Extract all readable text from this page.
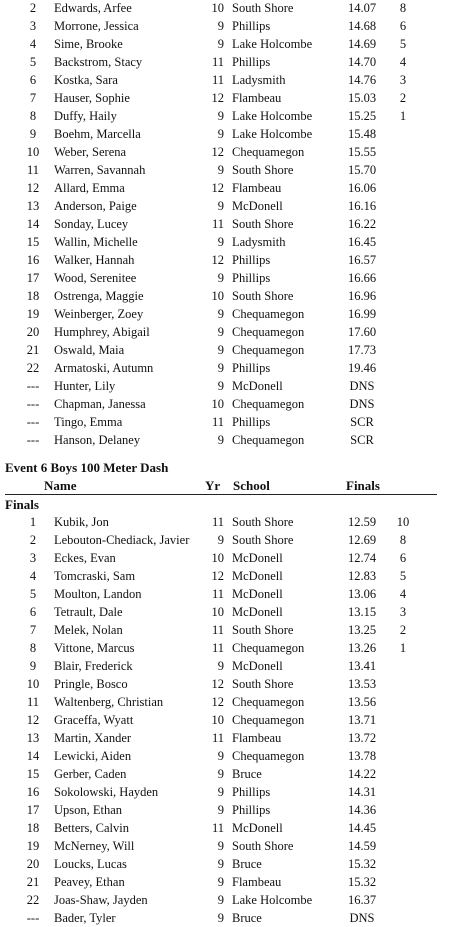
2	Edwards, Arfee	10 South Shore	14.07	8
3	Morrone, Jessica	9 Phillips	14.68	6
4	Sime, Brooke	9 Lake Holcombe	14.69	5
5	Backstrom, Stacy	11 Phillips	14.70	4
6	Kostka, Sara	11 Ladysmith	14.76	3
7	Hauser, Sophie	12 Flambeau	15.03	2
8	Duffy, Haily	9 Lake Holcombe	15.25	1
9	Boehm, Marcella	9 Lake Holcombe	15.48
10	Weber, Serena	12 Chequamegon	15.55
11	Warren, Savannah	9 South Shore	15.70
12	Allard, Emma	12 Flambeau	16.06
13	Anderson, Paige	9 McDonell	16.16
14	Sonday, Lucey	11 South Shore	16.22
15	Wallin, Michelle	9 Ladysmith	16.45
16	Walker, Hannah	12 Phillips	16.57
17	Wood, Serenitee	9 Phillips	16.66
18	Ostrenga, Maggie	10 South Shore	16.96
19	Weinberger, Zoey	9 Chequamegon	16.99
20	Humphrey, Abigail	9 Chequamegon	17.60
21	Oswald, Maia	9 Chequamegon	17.73
22	Armatoski, Autumn	9 Phillips	19.46
---	Hunter, Lily	9 McDonell	DNS
---	Chapman, Janessa	10 Chequamegon	DNS
---	Tingo, Emma	11 Phillips	SCR
---	Hanson, Delaney	9 Chequamegon	SCR
Event 6 Boys 100 Meter Dash
Name	Yr School	Finals
Finals
1	Kubik, Jon	11 South Shore	12.59	10
2	Lebouton-Chediack, Javier	9 South Shore	12.69	8
3	Eckes, Evan	10 McDonell	12.74	6
4	Tomcraski, Sam	12 McDonell	12.83	5
5	Moulton, Landon	11 McDonell	13.06	4
6	Tetrault, Dale	10 McDonell	13.15	3
7	Melek, Nolan	11 South Shore	13.25	2
8	Vittone, Marcus	11 Chequamegon	13.26	1
9	Blair, Frederick	9 McDonell	13.41
10	Pringle, Bosco	12 South Shore	13.53
11	Waltenberg, Christian	12 Chequamegon	13.56
12	Graceffa, Wyatt	10 Chequamegon	13.71
13	Martin, Xander	11 Flambeau	13.72
14	Lewicki, Aiden	9 Chequamegon	13.78
15	Gerber, Caden	9 Bruce	14.22
16	Sokolowski, Hayden	9 Phillips	14.31
17	Upson, Ethan	9 Phillips	14.36
18	Betters, Calvin	11 McDonell	14.45
19	McNerney, Will	9 South Shore	14.59
20	Loucks, Lucas	9 Bruce	15.32
21	Peavey, Ethan	9 Flambeau	15.32
22	Joas-Shaw, Jayden	9 Lake Holcombe	16.37
---	Bader, Tyler	9 Bruce	DNS
